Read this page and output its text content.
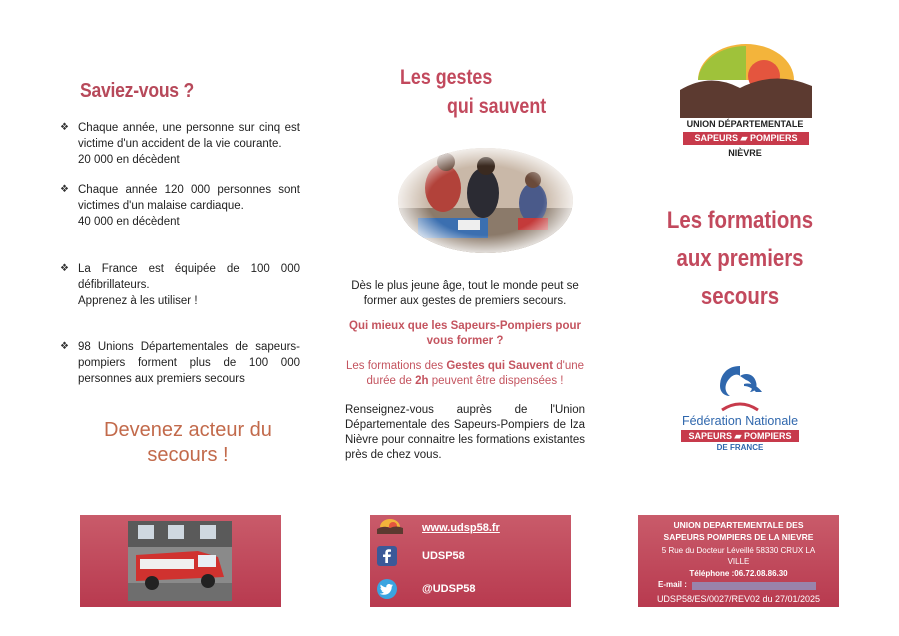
Saviez-vous ?
❖ Chaque année, une personne sur cinq est victime d'un accident de la vie courante.
20 000 en décèdent
❖ Chaque année 120 000 personnes sont victimes d'un malaise cardiaque.
40 000 en décèdent
❖ La France est équipée de 100 000 défibrillateurs.
Apprenez à les utiliser !
❖ 98 Unions Départementales de sapeurs-pompiers forment plus de 100 000 personnes aux premiers secours
Devenez acteur du
secours !
Les gestes
qui sauvent
Dès le plus jeune âge, tout le monde peut se former aux gestes de premiers secours.
Qui mieux que les Sapeurs-Pompiers pour vous former ?
Les formations des Gestes qui Sauvent d'une durée de 2h peuvent être dispensées !
Renseignez-vous auprès de l'Union Départementale des Sapeurs-Pompiers de lza Nièvre pour connaitre les formations existantes près de chez vous.
UNION DÉPARTEMENTALE
SAPEURS ▰ POMPIERS
NIÈVRE
Les formations
aux premiers
secours
Fédération Nationale
SAPEURS ▰ POMPIERS
DE FRANCE
www.udsp58.fr
UDSP58
@UDSP58
UNION DEPARTEMENTALE DES
SAPEURS POMPIERS DE LA NIEVRE
5 Rue du Docteur Léveillé 58330 CRUX LA
VILLE
Téléphone :06.72.08.86.30
E-mail :
UDSP58/ES/0027/REV02 du 27/01/2025
